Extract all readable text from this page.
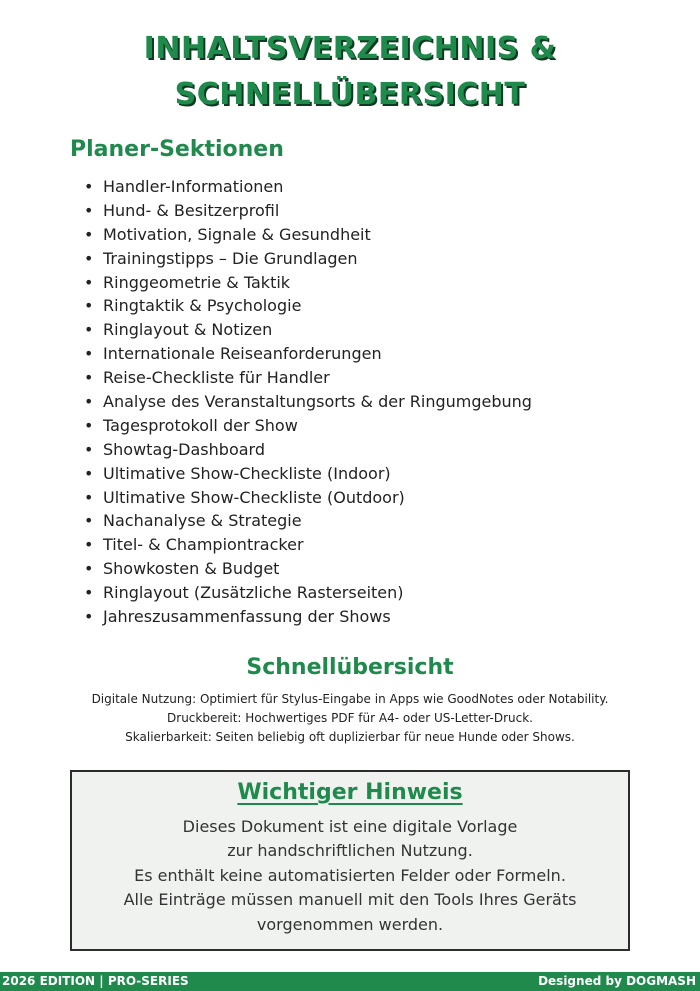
INHALTSVERZEICHNIS &
SCHNELLÜBERSICHT
Planer-Sektionen
• Handler-Informationen
• Hund- & Besitzerprofil
• Motivation, Signale & Gesundheit
• Trainingstipps – Die Grundlagen
• Ringgeometrie & Taktik
• Ringtaktik & Psychologie
• Ringlayout & Notizen
• Internationale Reiseanforderungen
• Reise-Checkliste für Handler
• Analyse des Veranstaltungsorts & der Ringumgebung
• Tagesprotokoll der Show
• Showtag-Dashboard
• Ultimative Show-Checkliste (Indoor)
• Ultimative Show-Checkliste (Outdoor)
• Nachanalyse & Strategie
• Titel- & Championtracker
• Showkosten & Budget
• Ringlayout (Zusätzliche Rasterseiten)
• Jahreszusammenfassung der Shows
Schnellübersicht
Digitale Nutzung: Optimiert für Stylus-Eingabe in Apps wie GoodNotes oder Notability.
Druckbereit: Hochwertiges PDF für A4- oder US-Letter-Druck.
Skalierbarkeit: Seiten beliebig oft duplizierbar für neue Hunde oder Shows.
Wichtiger Hinweis
Dieses Dokument ist eine digitale Vorlage
zur handschriftlichen Nutzung.
Es enthält keine automatisierten Felder oder Formeln.
Alle Einträge müssen manuell mit den Tools Ihres Geräts
vorgenommen werden.
2026 EDITION | PRO-SERIES	Designed by DOGMASH
